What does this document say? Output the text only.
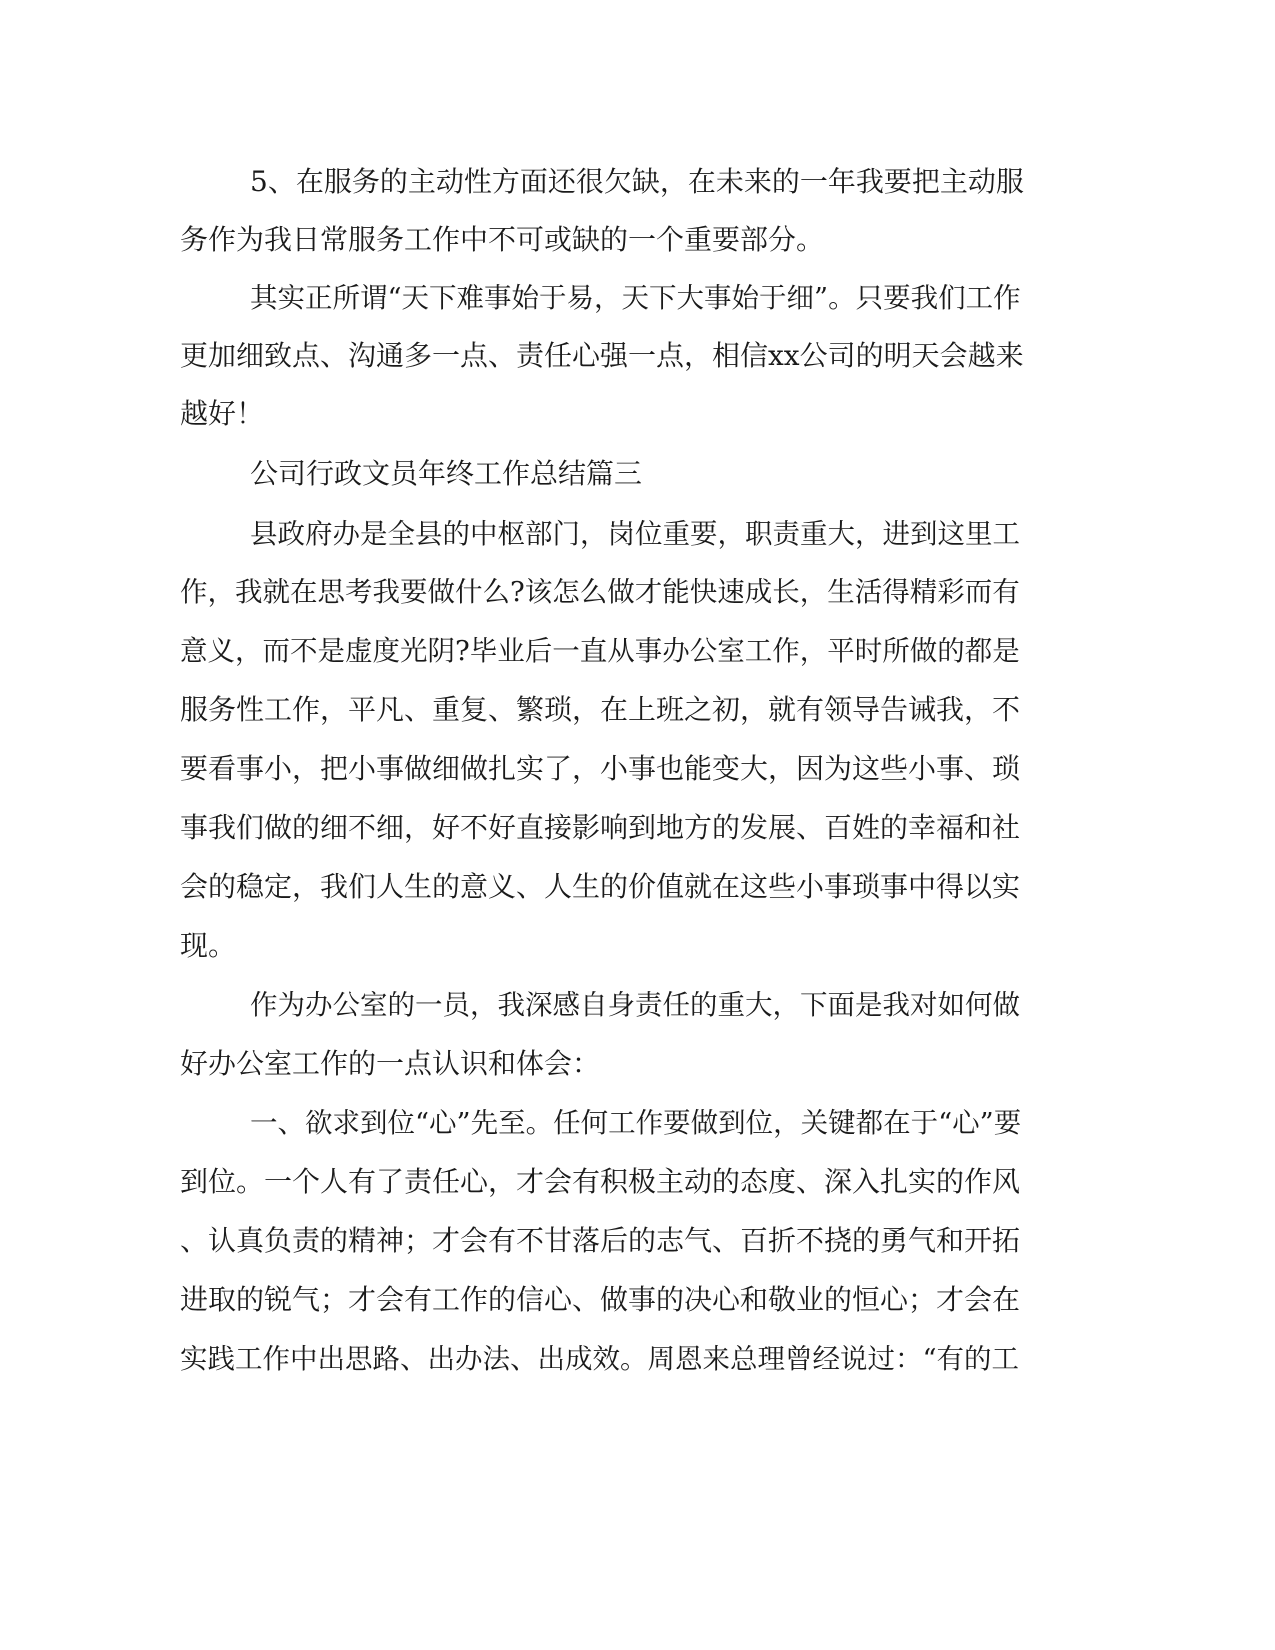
5、在服务的主动性方面还很欠缺，在未来的一年我要把主动服
务作为我日常服务工作中不可或缺的一个重要部分。
其实正所谓“天下难事始于易，天下大事始于细”。只要我们工作
更加细致点、沟通多一点、责任心强一点，相信xx公司的明天会越来
越好！
公司行政文员年终工作总结篇三
县政府办是全县的中枢部门，岗位重要，职责重大，进到这里工
作，我就在思考我要做什么?该怎么做才能快速成长，生活得精彩而有
意义，而不是虚度光阴?毕业后一直从事办公室工作，平时所做的都是
服务性工作，平凡、重复、繁琐，在上班之初，就有领导告诫我，不
要看事小，把小事做细做扎实了，小事也能变大，因为这些小事、琐
事我们做的细不细，好不好直接影响到地方的发展、百姓的幸福和社
会的稳定，我们人生的意义、人生的价值就在这些小事琐事中得以实
现。
作为办公室的一员，我深感自身责任的重大，下面是我对如何做
好办公室工作的一点认识和体会：
一、欲求到位“心”先至。任何工作要做到位，关键都在于“心”要
到位。一个人有了责任心，才会有积极主动的态度、深入扎实的作风
、认真负责的精神；才会有不甘落后的志气、百折不挠的勇气和开拓
进取的锐气；才会有工作的信心、做事的决心和敬业的恒心；才会在
实践工作中出思路、出办法、出成效。周恩来总理曾经说过：“有的工
